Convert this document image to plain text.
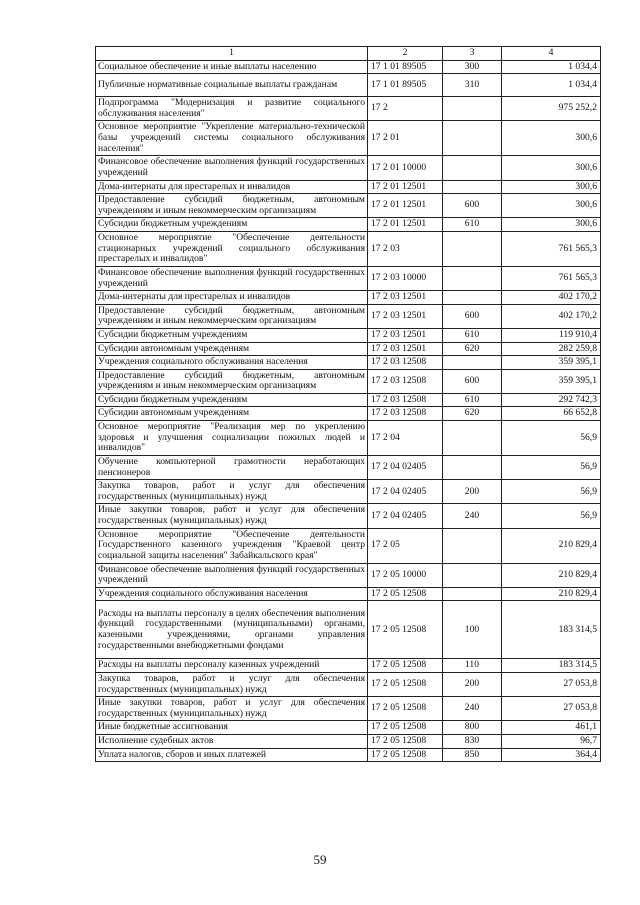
1	2	3	4
Социальное обеспечение и иные выплаты населению	17 1 01 89505	300	1 034,4
Публичные нормативные социальные выплаты гражданам	17 1 01 89505	310	1 034,4
Подпрограмма "Модернизация и развитие социального обслуживания населения"	17 2		975 252,2
Основное мероприятие "Укрепление материально-технической базы учреждений системы социального обслуживания населения"	17 2 01		300,6
Финансовое обеспечение выполнения функций государственных учреждений	17 2 01 10000		300,6
Дома-интернаты для престарелых и инвалидов	17 2 01 12501		300,6
Предоставление субсидий бюджетным, автономным учреждениям и иным некоммерческим организациям	17 2 01 12501	600	300,6
Субсидии бюджетным учреждениям	17 2 01 12501	610	300,6
Основное мероприятие "Обеспечение деятельности стационарных учреждений социального обслуживания престарелых и инвалидов"	17 2 03		761 565,3
Финансовое обеспечение выполнения функций государственных учреждений	17 2 03 10000		761 565,3
Дома-интернаты для престарелых и инвалидов	17 2 03 12501		402 170,2
Предоставление субсидий бюджетным, автономным учреждениям и иным некоммерческим организациям	17 2 03 12501	600	402 170,2
Субсидии бюджетным учреждениям	17 2 03 12501	610	119 910,4
Субсидии автономным учреждениям	17 2 03 12501	620	282 259,8
Учреждения социального обслуживания населения	17 2 03 12508		359 395,1
Предоставление субсидий бюджетным, автономным учреждениям и иным некоммерческим организациям	17 2 03 12508	600	359 395,1
Субсидии бюджетным учреждениям	17 2 03 12508	610	292 742,3
Субсидии автономным учреждениям	17 2 03 12508	620	66 652,8
Основное мероприятие "Реализация мер по укреплению здоровья и улучшения социализации пожилых людей и инвалидов"	17 2 04		56,9
Обучение компьютерной грамотности неработающих пенсионеров	17 2 04 02405		56,9
Закупка товаров, работ и услуг для обеспечения государственных (муниципальных) нужд	17 2 04 02405	200	56,9
Иные закупки товаров, работ и услуг для обеспечения государственных (муниципальных) нужд	17 2 04 02405	240	56,9
Основное мероприятие "Обеспечение деятельности Государственного казенного учреждения "Краевой центр социальной защиты населения" Забайкальского края"	17 2 05		210 829,4
Финансовое обеспечение выполнения функций государственных учреждений	17 2 05 10000		210 829,4
Учреждения социального обслуживания населения	17 2 05 12508		210 829,4
Расходы на выплаты персоналу в целях обеспечения выполнения функций государственными (муниципальными) органами, казенными учреждениями, органами управления государственными внебюджетными фондами	17 2 05 12508	100	183 314,5
Расходы на выплаты персоналу казенных учреждений	17 2 05 12508	110	183 314,5
Закупка товаров, работ и услуг для обеспечения государственных (муниципальных) нужд	17 2 05 12508	200	27 053,8
Иные закупки товаров, работ и услуг для обеспечения государственных (муниципальных) нужд	17 2 05 12508	240	27 053,8
Иные бюджетные ассигнования	17 2 05 12508	800	461,1
Исполнение судебных актов	17 2 05 12508	830	96,7
Уплата налогов, сборов и иных платежей	17 2 05 12508	850	364,4
59
